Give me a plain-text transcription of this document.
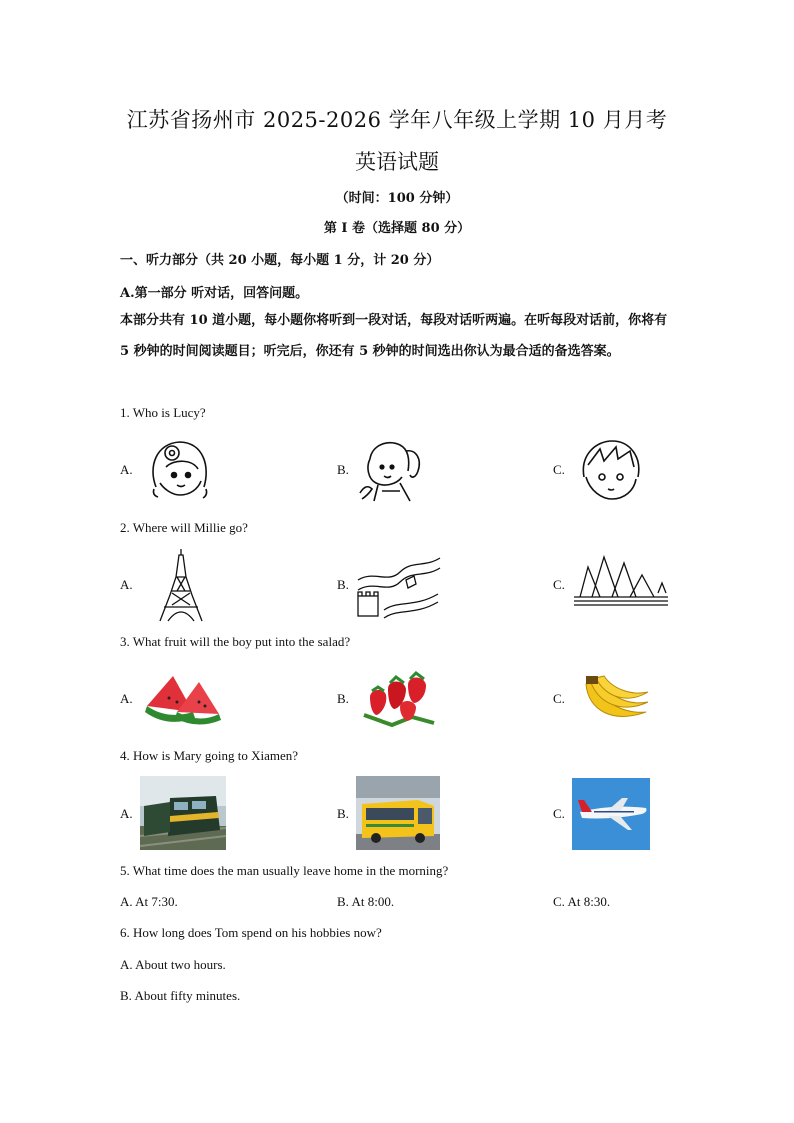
江苏省扬州市 2025-2026 学年八年级上学期 10 月月考
英语试题
（时间：100 分钟）
第 I 卷（选择题 80 分）
一、听力部分（共 20 小题，每小题 1 分，计 20 分）
A.第一部分 听对话，回答问题。
本部分共有 10 道小题，每小题你将听到一段对话，每段对话听两遍。在听每段对话前，你将有 5 秒钟的时间阅读题目；听完后，你还有 5 秒钟的时间选出你认为最合适的备选答案。
1. Who is Lucy?
A.	B.	C.
2. Where will Millie go?
A.	B.	C.
3. What fruit will the boy put into the salad?
A.	B.	C.
4. How is Mary going to Xiamen?
A.	B.	C.
5. What time does the man usually leave home in the morning?
A. At 7:30.	B. At 8:00.	C. At 8:30.
6. How long does Tom spend on his hobbies now?
A. About two hours.
B. About fifty minutes.
